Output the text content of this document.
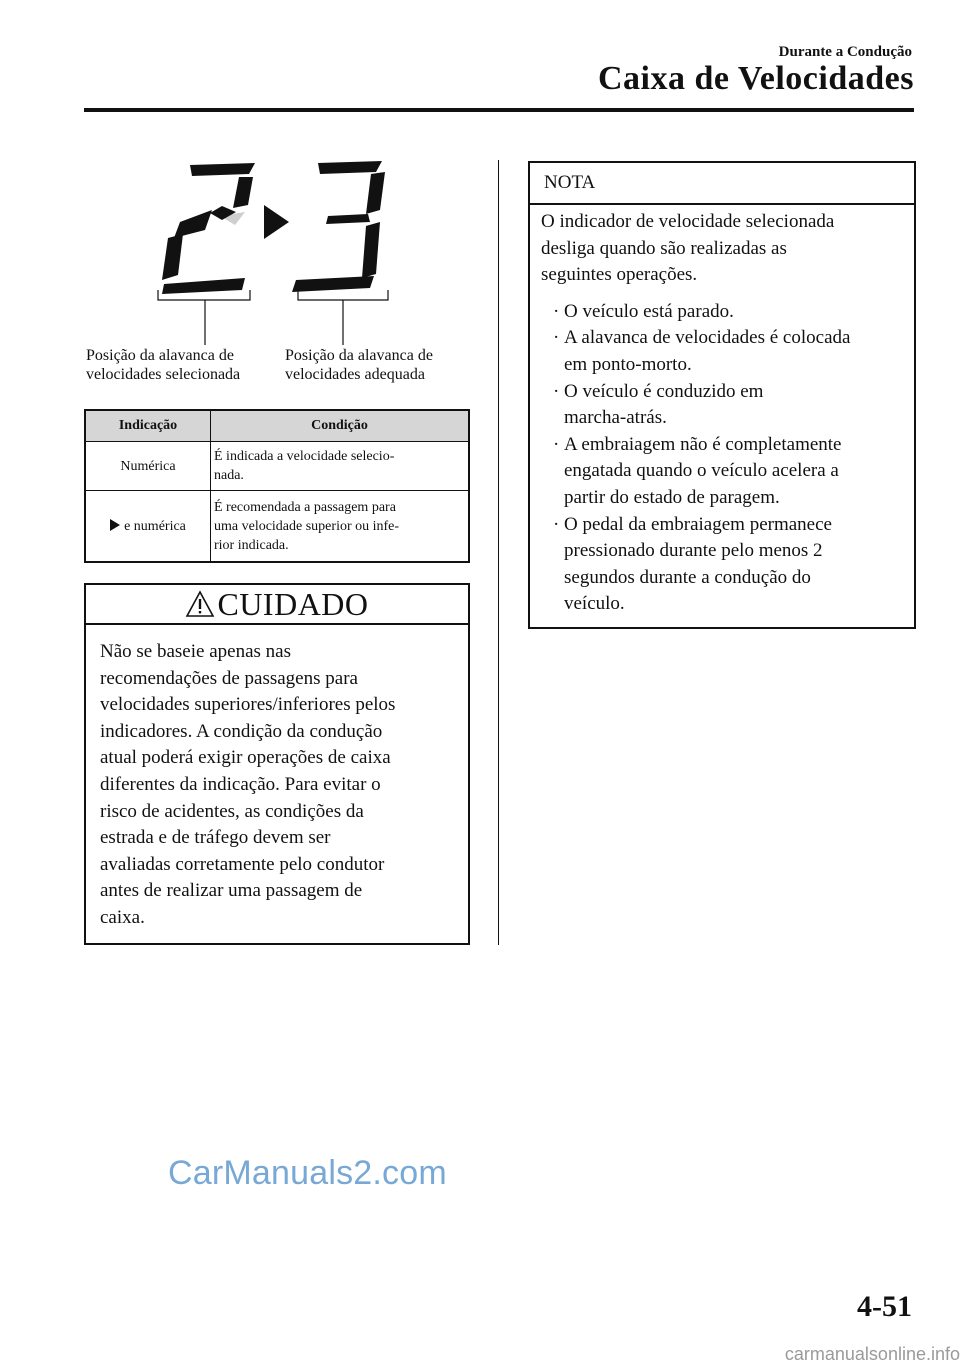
Durante a Condução
Caixa de Velocidades
Posição da alavanca de
velocidades selecionada
Posição da alavanca de
velocidades adequada
Indicação	Condição
Numérica	É indicada a velocidade selecio-
nada.

e numérica	É recomendada a passagem para
uma velocidade superior ou infe-
rior indicada.
CUIDADO
Não se baseie apenas nas
recomendações de passagens para
velocidades superiores/inferiores pelos
indicadores. A condição da condução
atual poderá exigir operações de caixa
diferentes da indicação. Para evitar o
risco de acidentes, as condições da
estrada e de tráfego devem ser
avaliadas corretamente pelo condutor
antes de realizar uma passagem de
caixa.
NOTA

O indicador de velocidade selecionada
desliga quando são realizadas as
seguintes operações.

· O veículo está parado.
· A alavanca de velocidades é colocada
em ponto-morto.
· O veículo é conduzido em
marcha-atrás.
· A embraiagem não é completamente
engatada quando o veículo acelera a
partir do estado de paragem.
· O pedal da embraiagem permanece
pressionado durante pelo menos 2
segundos durante a condução do
veículo.
CarManuals2.com
4-51
carmanualsonline.info
